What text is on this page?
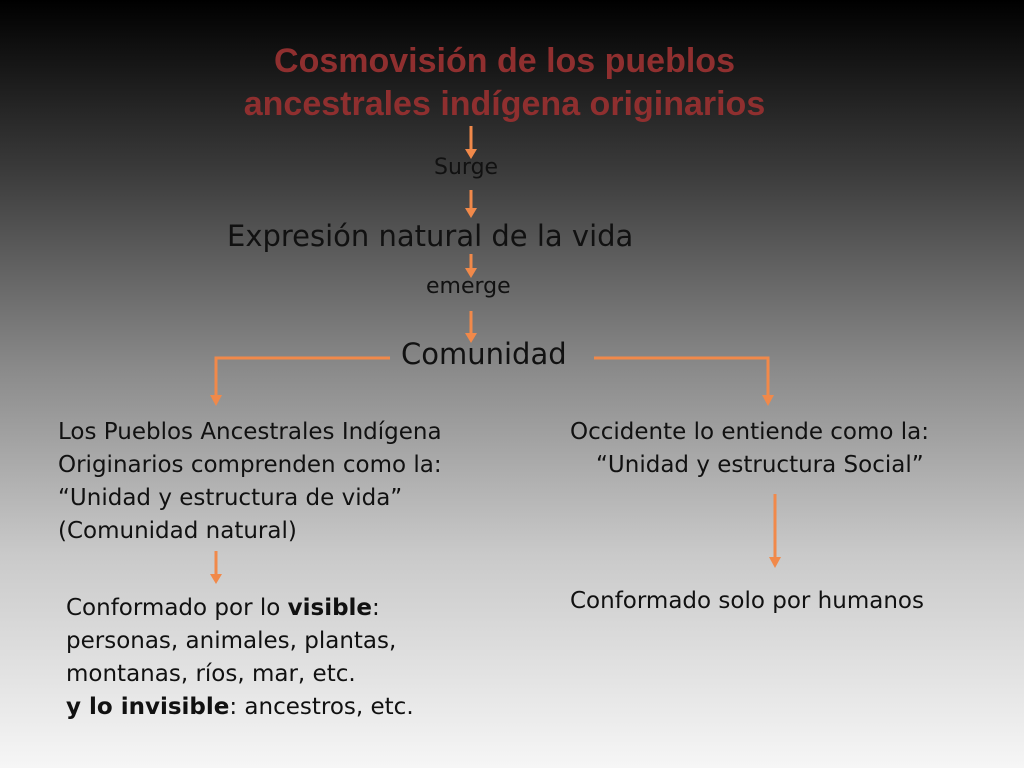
Cosmovisión de los pueblos
ancestrales indígena originarios
Surge
Expresión natural de la vida
emerge
Comunidad
Los Pueblos Ancestrales Indígena
Originarios comprenden como la:
“Unidad y estructura de vida”
(Comunidad natural)
Occidente lo entiende como la:
“Unidad y estructura Social”
Conformado por lo visible:
personas, animales, plantas,
montanas, ríos, mar, etc.
y lo invisible: ancestros, etc.
Conformado solo por humanos
